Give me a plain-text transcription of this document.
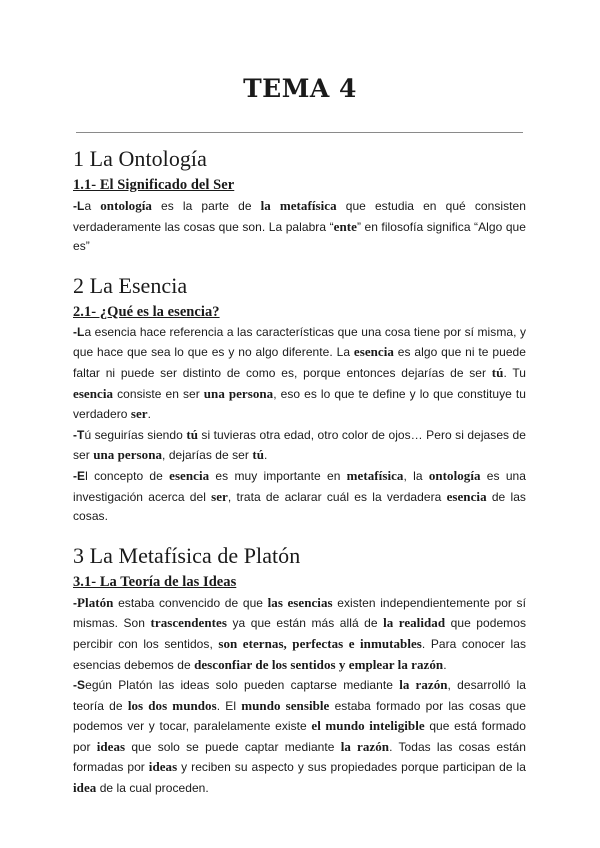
TEMA 4
1 La Ontología
1.1- El Significado del Ser

-La ontología es la parte de la metafísica que estudia en qué consisten verdaderamente las cosas que son. La palabra “ente” en filosofía significa “Algo que es”

2 La Esencia
2.1- ¿Qué es la esencia?

-La esencia hace referencia a las características que una cosa tiene por sí misma, y que hace que sea lo que es y no algo diferente. La esencia es algo que ni te puede faltar ni puede ser distinto de como es, porque entonces dejarías de ser tú. Tu esencia consiste en ser una persona, eso es lo que te define y lo que constituye tu verdadero ser.

-Tú seguirías siendo tú si tuvieras otra edad, otro color de ojos… Pero si dejases de ser una persona, dejarías de ser tú.

-El concepto de esencia es muy importante en metafísica, la ontología es una investigación acerca del ser, trata de aclarar cuál es la verdadera esencia de las cosas.

3 La Metafísica de Platón
3.1- La Teoría de las Ideas

-Platón estaba convencido de que las esencias existen independientemente por sí mismas. Son trascendentes ya que están más allá de la realidad que podemos percibir con los sentidos, son eternas, perfectas e inmutables. Para conocer las esencias debemos de desconfiar de los sentidos y emplear la razón.

-Según Platón las ideas solo pueden captarse mediante la razón, desarrolló la teoría de los dos mundos. El mundo sensible estaba formado por las cosas que podemos ver y tocar, paralelamente existe el mundo inteligible que está formado por ideas que solo se puede captar mediante la razón. Todas las cosas están formadas por ideas y reciben su aspecto y sus propiedades porque participan de la idea de la cual proceden.
